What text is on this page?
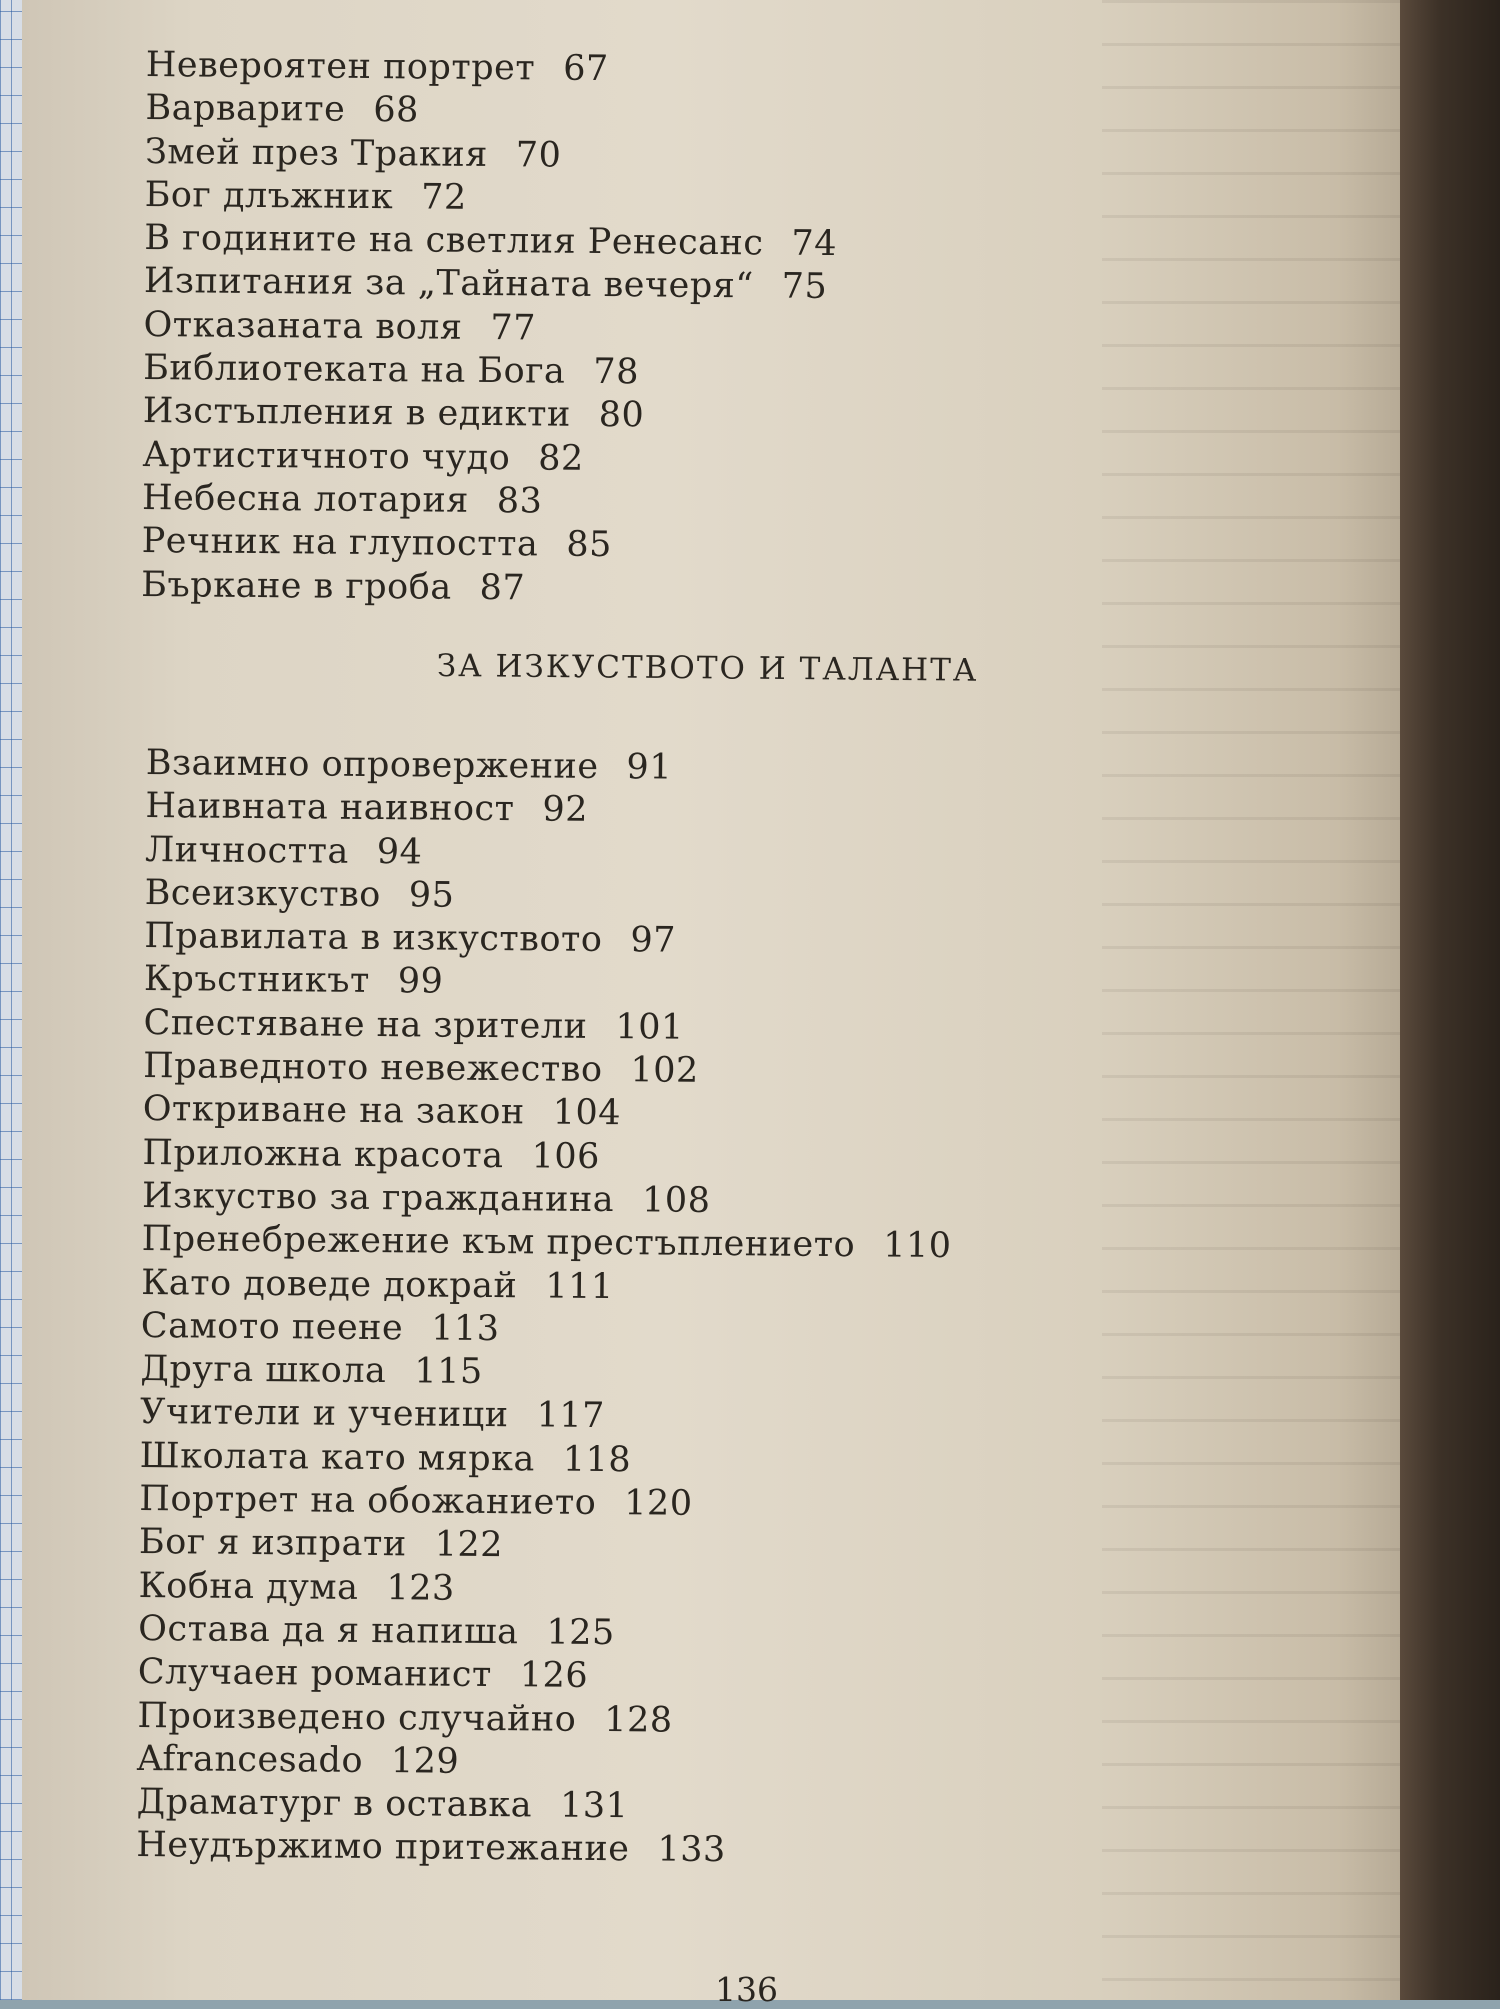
Невероятен портрет 67
Варварите 68
Змей през Тракия 70
Бог длъжник 72
В годините на светлия Ренесанс 74
Изпитания за „Тайната вечеря“ 75
Отказаната воля 77
Библиотеката на Бога 78
Изстъпления в едикти 80
Артистичното чудо 82
Небесна лотария 83
Речник на глупостта 85
Бъркане в гроба 87
ЗА ИЗКУСТВОТО И ТАЛАНТА
Взаимно опровержение 91
Наивната наивност 92
Личността 94
Всеизкуство 95
Правилата в изкуството 97
Кръстникът 99
Спестяване на зрители 101
Праведното невежество 102
Откриване на закон 104
Приложна красота 106
Изкуство за гражданина 108
Пренебрежение към престъплението 110
Като доведе докрай 111
Самото пеене 113
Друга школа 115
Учители и ученици 117
Школата като мярка 118
Портрет на обожанието 120
Бог я изпрати 122
Кобна дума 123
Остава да я напиша 125
Случаен романист 126
Произведено случайно 128
Afrancesado 129
Драматург в оставка 131
Неудържимо притежание 133
136
